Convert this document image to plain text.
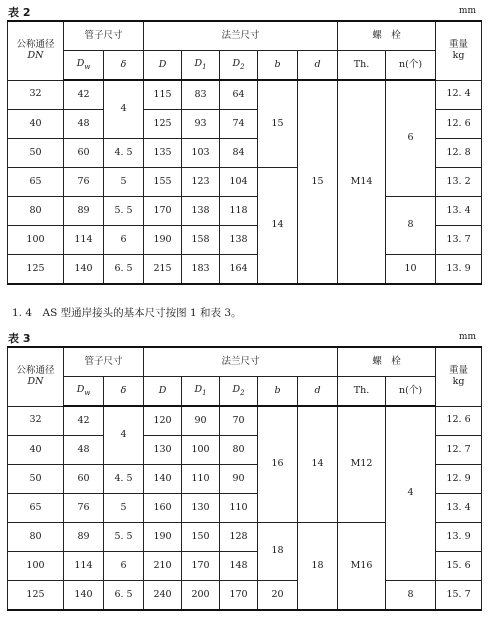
表 2	mm
公称通径
DN	管子尺寸		法兰尺寸					螺　栓		重量
kg
	$D_w$	δ	D	$D_1$	$D_2$	b	d	Th.	n(个)	
32	42	4	115	83	64	15	15	M14	6	12. 4
40	48		125	93	74					12. 6
50	60	4. 5	135	103	84					12. 8
65	76	5	155	123	104	14				13. 2
80	89	5. 5	170	138	118				8	13. 4
100	114	6	190	158	138					13. 7
125	140	6. 5	215	183	164				10	13. 9
1. 4　AS 型通岸接头的基本尺寸按图 1 和表 3。
表 3	mm
公称通径
DN	管子尺寸		法兰尺寸					螺　栓		重量
kg
	$D_w$	δ	D	$D_1$	$D_2$	b	d	Th.	n(个)	
32	42	4	120	90	70	16	14	M12	4	12. 6
40	48		130	100	80					12. 7
50	60	4. 5	140	110	90					12. 9
65	76	5	160	130	110					13. 4
80	89	5. 5	190	150	128	18	18	M16		13. 9
100	114	6	210	170	148					15. 6
125	140	6. 5	240	200	170	20			8	15. 7
